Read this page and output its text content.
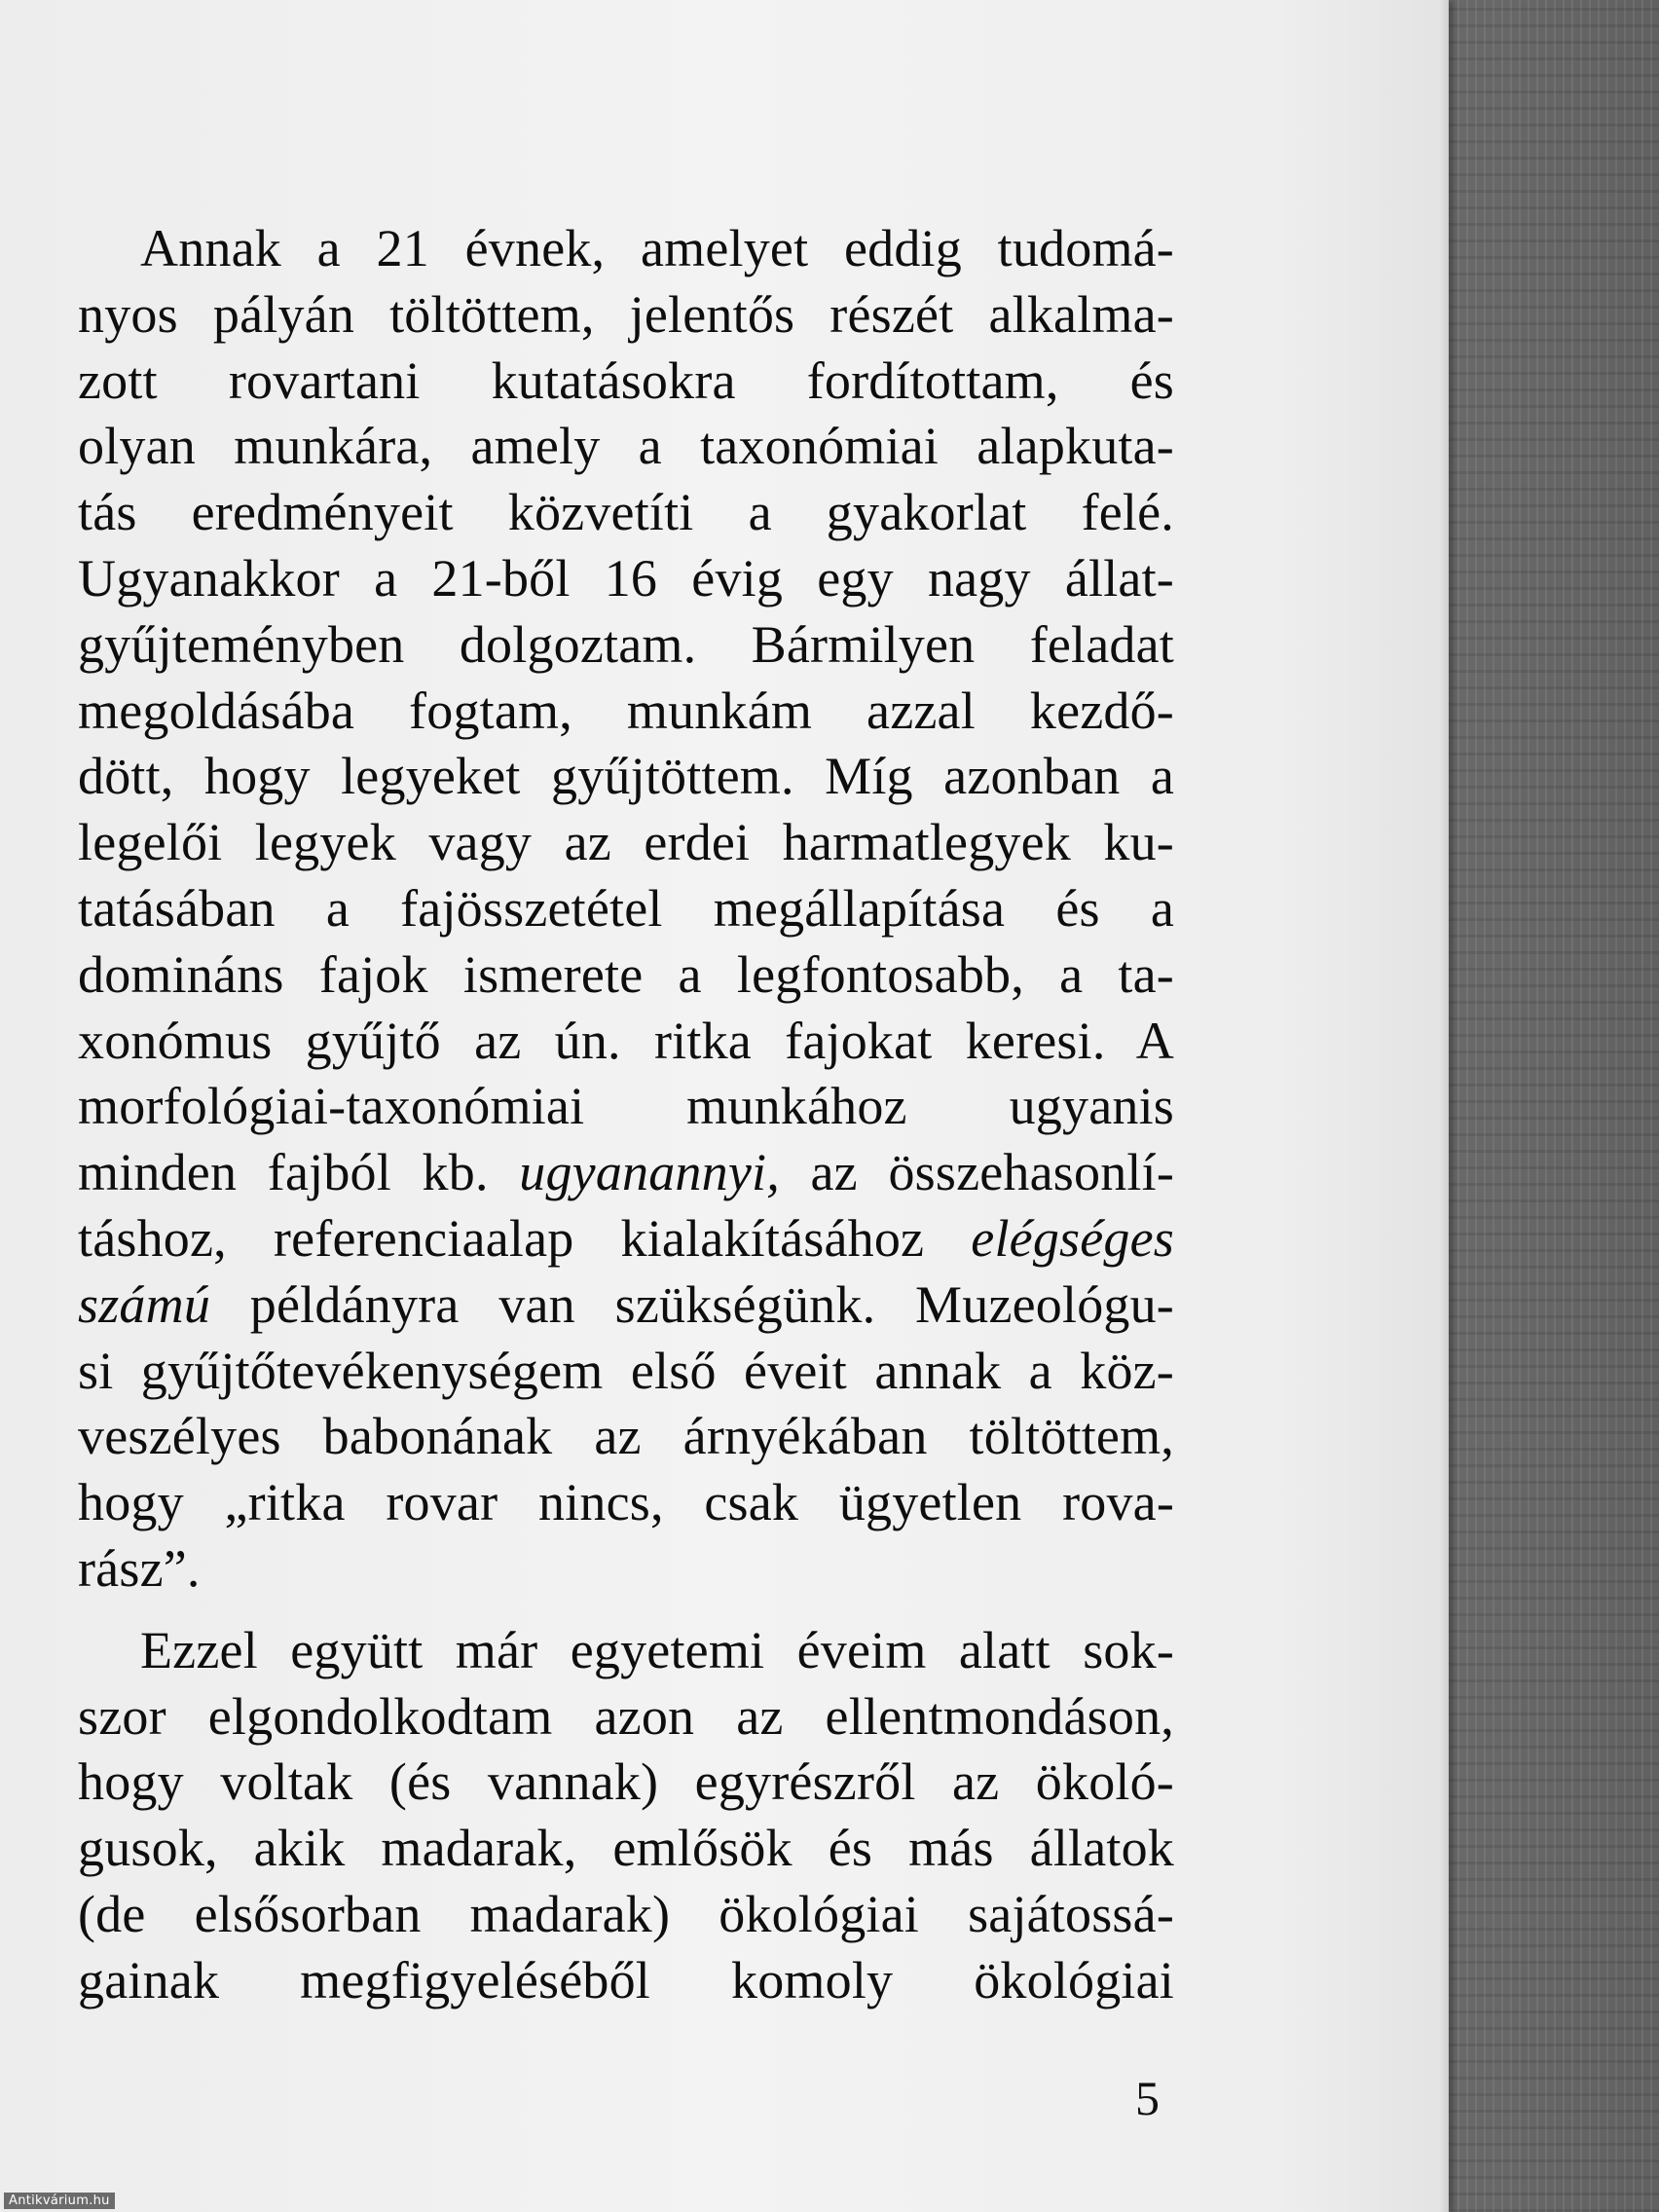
Annak a 21 évnek, amelyet eddig tudomá-
nyos pályán töltöttem, jelentős részét alkalma-
zott rovartani kutatásokra fordítottam, és
olyan munkára, amely a taxonómiai alapkuta-
tás eredményeit közvetíti a gyakorlat felé.
Ugyanakkor a 21-ből 16 évig egy nagy állat-
gyűjteményben dolgoztam. Bármilyen feladat
megoldásába fogtam, munkám azzal kezdő-
dött, hogy legyeket gyűjtöttem. Míg azonban a
legelői legyek vagy az erdei harmatlegyek ku-
tatásában a fajösszetétel megállapítása és a
domináns fajok ismerete a legfontosabb, a ta-
xonómus gyűjtő az ún. ritka fajokat keresi. A
morfológiai-taxonómiai munkához ugyanis
minden fajból kb. ugyanannyi, az összehasonlí-
táshoz, referenciaalap kialakításához elégséges
számú példányra van szükségünk. Muzeológu-
si gyűjtőtevékenységem első éveit annak a köz-
veszélyes babonának az árnyékában töltöttem,
hogy „ritka rovar nincs, csak ügyetlen rova-
rász”.
Ezzel együtt már egyetemi éveim alatt sok-
szor elgondolkodtam azon az ellentmondáson,
hogy voltak (és vannak) egyrészről az ökoló-
gusok, akik madarak, emlősök és más állatok
(de elsősorban madarak) ökológiai sajátossá-
gainak megfigyeléséből komoly ökológiai
5
Antikvárium.hu
